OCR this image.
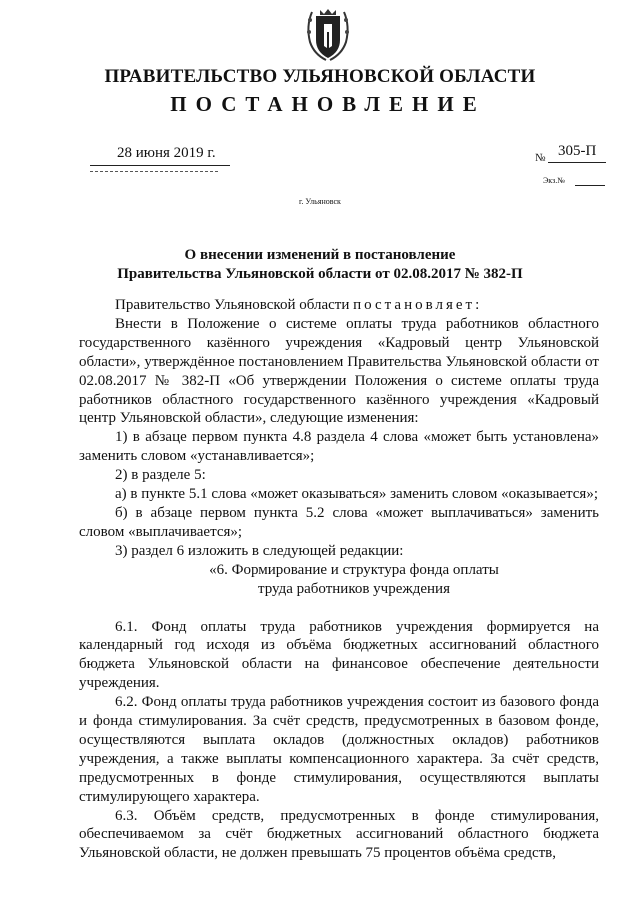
ПРАВИТЕЛЬСТВО УЛЬЯНОВСКОЙ ОБЛАСТИ
ПОСТАНОВЛЕНИЕ
28 июня 2019 г.	№ 305-П
Экз.№
г. Ульяновск
О внесении изменений в постановление
Правительства Ульяновской области от 02.08.2017 № 382-П

Правительство Ульяновской области постановляет:

Внести в Положение о системе оплаты труда работников областного государственного казённого учреждения «Кадровый центр Ульяновской области», утверждённое постановлением Правительства Ульяновской области от 02.08.2017 № 382-П «Об утверждении Положения о системе оплаты труда работников областного государственного казённого учреждения «Кадровый центр Ульяновской области», следующие изменения:

1) в абзаце первом пункта 4.8 раздела 4 слова «может быть установлена» заменить словом «устанавливается»;

2) в разделе 5:

а) в пункте 5.1 слова «может оказываться» заменить словом «оказывается»;

б) в абзаце первом пункта 5.2 слова «может выплачиваться» заменить словом «выплачивается»;

3) раздел 6 изложить в следующей редакции:

«6. Формирование и структура фонда оплаты

труда работников учреждения

6.1. Фонд оплаты труда работников учреждения формируется на календарный год исходя из объёма бюджетных ассигнований областного бюджета Ульяновской области на финансовое обеспечение деятельности учреждения.

6.2. Фонд оплаты труда работников учреждения состоит из базового фонда и фонда стимулирования. За счёт средств, предусмотренных в базовом фонде, осуществляются выплата окладов (должностных окладов) работников учреждения, а также выплаты компенсационного характера. За счёт средств, предусмотренных в фонде стимулирования, осуществляются выплаты стимулирующего характера.

6.3. Объём средств, предусмотренных в фонде стимулирования, обеспечиваемом за счёт бюджетных ассигнований областного бюджета Ульяновской области, не должен превышать 75 процентов объёма средств,
